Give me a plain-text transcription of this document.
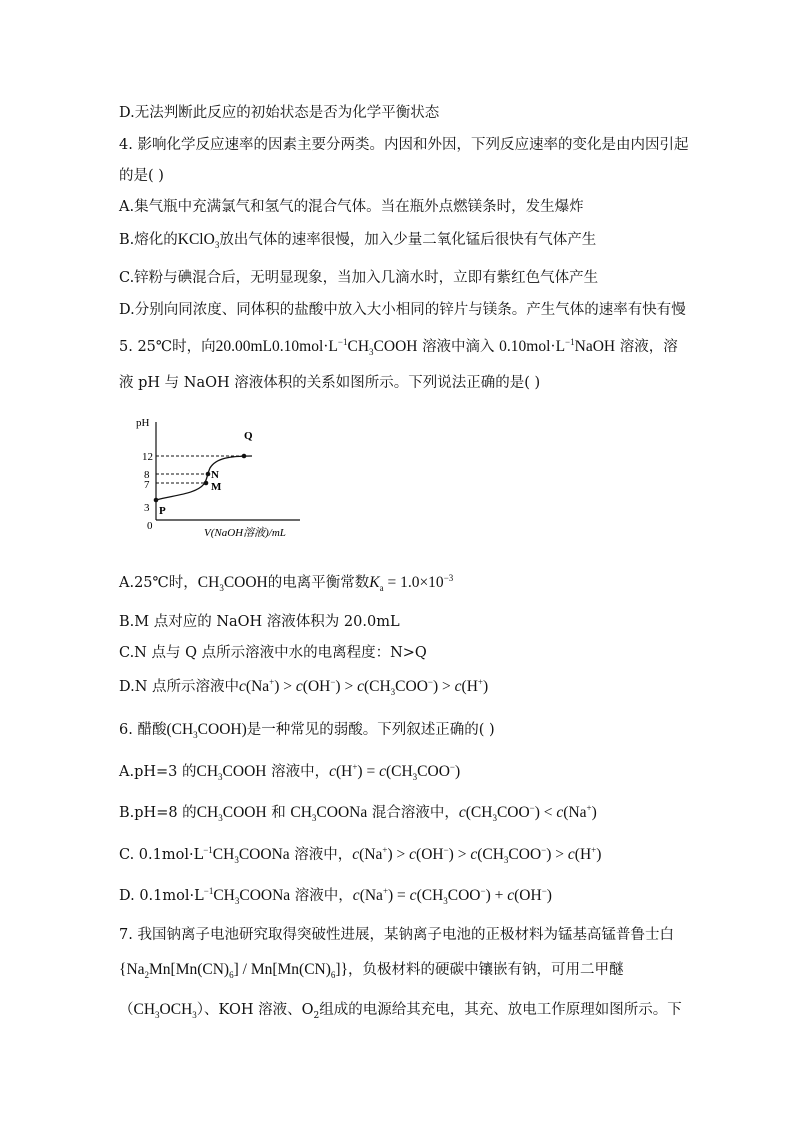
D.无法判断此反应的初始状态是否为化学平衡状态
4. 影响化学反应速率的因素主要分两类。内因和外因，下列反应速率的变化是由内因引起
的是( )
A.集气瓶中充满氯气和氢气的混合气体。当在瓶外点燃镁条时，发生爆炸
B.熔化的KClO$_3$放出气体的速率很慢，加入少量二氧化锰后很快有气体产生
C.锌粉与碘混合后，无明显现象，当加入几滴水时，立即有紫红色气体产生
D.分别向同浓度、同体积的盐酸中放入大小相同的锌片与镁条。产生气体的速率有快有慢
5. 25℃时，向$20.00mL0.10mol\cdot L^{-1}CH_3COOH$ 溶液中滴入 $0.10mol\cdot L^{-1}NaOH$ 溶液，溶
液 pH 与 NaOH 溶液体积的关系如图所示。下列说法正确的是( )
pH
V(NaOH溶液)/mL
0
3
7
8
12
P
M
N
Q
A.25℃时，$CH_3COOH$的电离平衡常数$K_a = 1.0\times 10^{-3}$
B.M 点对应的 NaOH 溶液体积为 20.0mL
C.N 点与 Q 点所示溶液中水的电离程度：N>Q
D.N 点所示溶液中$c(Na^+) > c(OH^-) > c(CH_3COO^-) > c(H^+)$
6. 醋酸$(CH_3COOH)$是一种常见的弱酸。下列叙述正确的( )
A.pH=3 的$CH_3COOH$ 溶液中，$c(H^+) = c(CH_3COO^-)$
B.pH=8 的$CH_3COOH$ 和 $CH_3COONa$ 混合溶液中，$c(CH_3COO^-) < c(Na^+)$
C. $0.1mol\cdot L^{-1}CH_3COONa$ 溶液中，$c(Na^+) > c(OH^-) > c(CH_3COO^-) > c(H^+)$
D. $0.1mol\cdot L^{-1}CH_3COONa$ 溶液中，$c(Na^+) = c(CH_3COO^-) + c(OH^-)$
7. 我国钠离子电池研究取得突破性进展，某钠离子电池的正极材料为锰基高锰普鲁士白
$\{Na_2Mn[Mn(CN)_6] / Mn[Mn(CN)_6]\}$，负极材料的硬碳中镶嵌有钠，可用二甲醚
$(CH_3OCH_3)$、KOH 溶液、$O_2$组成的电源给其充电，其充、放电工作原理如图所示。下
